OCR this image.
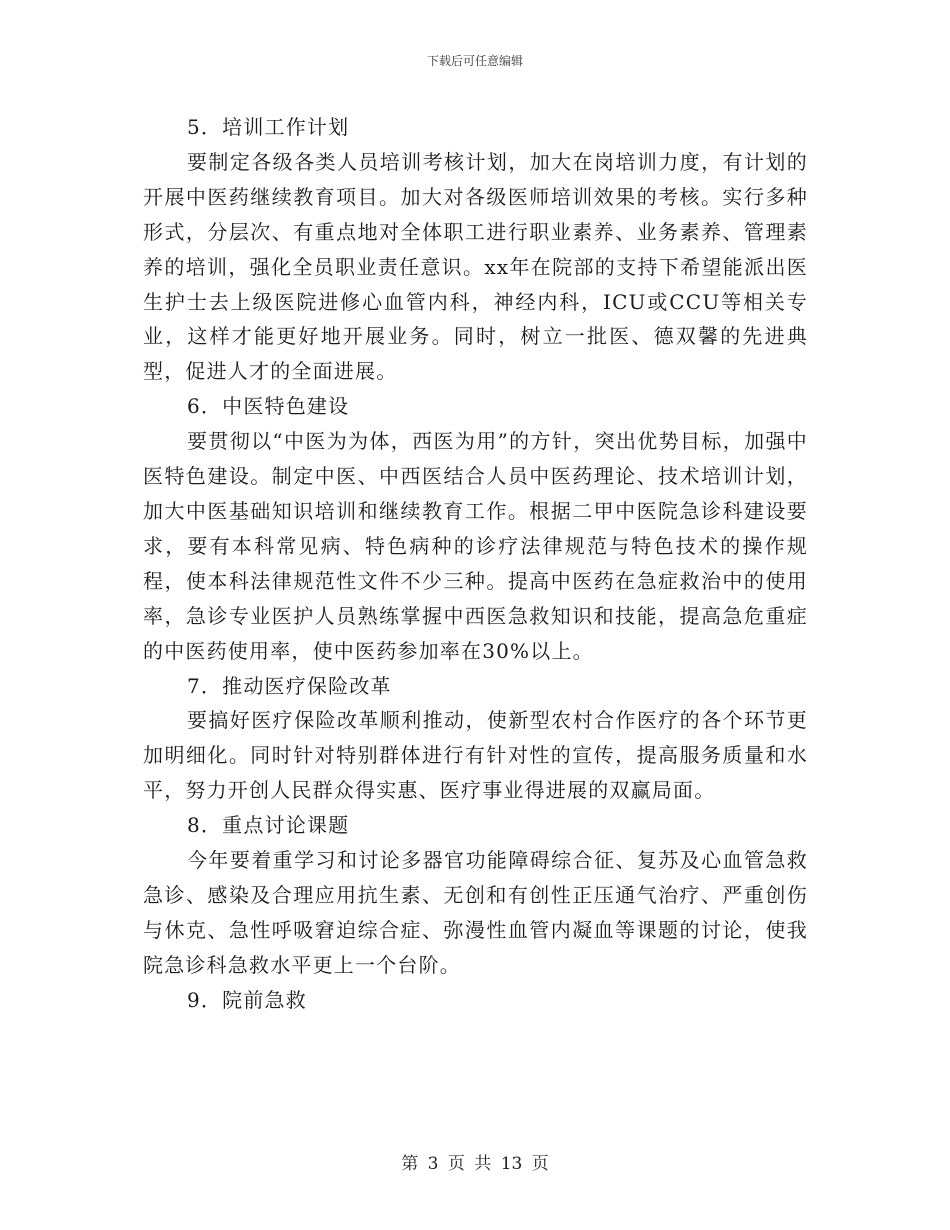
下载后可任意编辑

5．培训工作计划

要制定各级各类人员培训考核计划，加大在岗培训力度，有计划的开展中医药继续教育项目。加大对各级医师培训效果的考核。实行多种形式，分层次、有重点地对全体职工进行职业素养、业务素养、管理素养的培训，强化全员职业责任意识。xx年在院部的支持下希望能派出医生护士去上级医院进修心血管内科，神经内科，ICU或CCU等相关专业，这样才能更好地开展业务。同时，树立一批医、德双馨的先进典型，促进人才的全面进展。

6．中医特色建设

要贯彻以“中医为为体，西医为用”的方针，突出优势目标，加强中医特色建设。制定中医、中西医结合人员中医药理论、技术培训计划，加大中医基础知识培训和继续教育工作。根据二甲中医院急诊科建设要求，要有本科常见病、特色病种的诊疗法律规范与特色技术的操作规程，使本科法律规范性文件不少三种。提高中医药在急症救治中的使用率，急诊专业医护人员熟练掌握中西医急救知识和技能，提高急危重症的中医药使用率，使中医药参加率在30%以上。

7．推动医疗保险改革

要搞好医疗保险改革顺利推动，使新型农村合作医疗的各个环节更加明细化。同时针对特别群体进行有针对性的宣传，提高服务质量和水平，努力开创人民群众得实惠、医疗事业得进展的双赢局面。

8．重点讨论课题

今年要着重学习和讨论多器官功能障碍综合征、复苏及心血管急救急诊、感染及合理应用抗生素、无创和有创性正压通气治疗、严重创伤与休克、急性呼吸窘迫综合症、弥漫性血管内凝血等课题的讨论，使我院急诊科急救水平更上一个台阶。

9．院前急救

第 3 页 共 13 页
